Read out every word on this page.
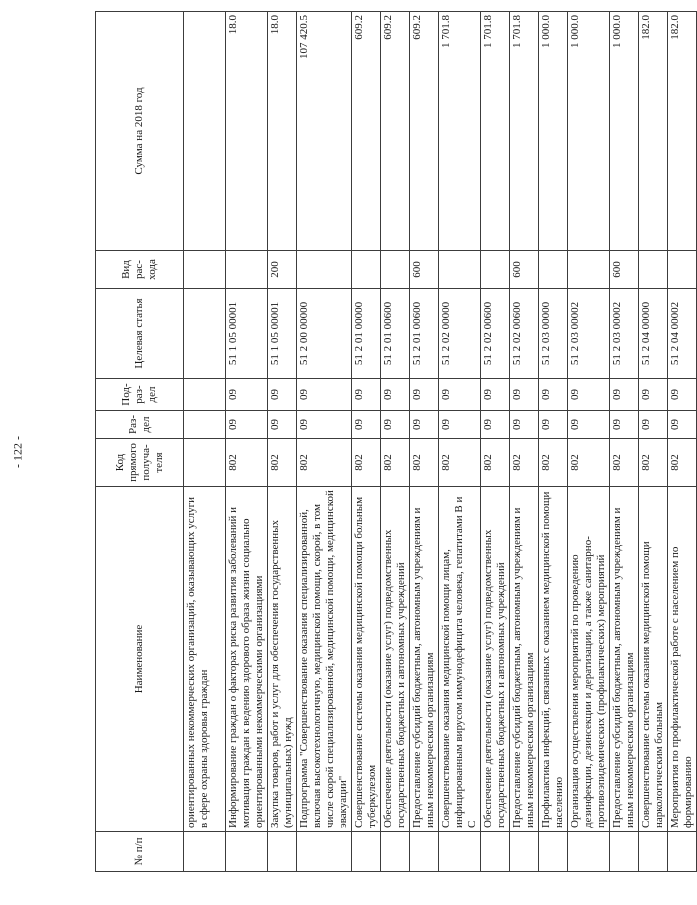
- 122 -
№ п/п	Наименование	Код прямого получа-теля	Раз-дел	Под-раз-дел	Целевая статья	Вид рас-хода	Сумма на 2018 год
	ориентированных некоммерческих организаций, оказывающих услуги в сфере охраны здоровья граждан						
	Информирование граждан о факторах риска развития заболеваний и мотивация граждан к ведению здорового образа жизни социально ориентированными некоммерческими организациями	802	09	09	51 1 05 00001		18.0
	Закупка товаров, работ и услуг для обеспечения государственных (муниципальных) нужд	802	09	09	51 1 05 00001	200	18.0
	Подпрограмма "Совершенствование оказания специализированной, включая высокотехнологичную, медицинской помощи, скорой, в том числе скорой специализированной, медицинской помощи, медицинской эвакуации"	802	09	09	51 2 00 00000		107 420.5
	Совершенствование системы оказания медицинской помощи больным туберкулезом	802	09	09	51 2 01 00000		609.2
	Обеспечение деятельности (оказание услуг) подведомственных государственных бюджетных и автономных учреждений	802	09	09	51 2 01 00600		609.2
	Предоставление субсидий бюджетным, автономным учреждениям и иным некоммерческим организациям	802	09	09	51 2 01 00600	600	609.2
	Совершенствование оказания медицинской помощи лицам, инфицированным вирусом иммунодефицита человека, гепатитами В и С	802	09	09	51 2 02 00000		1 701.8
	Обеспечение деятельности (оказание услуг) подведомственных государственных бюджетных и автономных учреждений	802	09	09	51 2 02 00600		1 701.8
	Предоставление субсидий бюджетным, автономным учреждениям и иным некоммерческим организациям	802	09	09	51 2 02 00600	600	1 701.8
	Профилактика инфекций, связанных с оказанием медицинской помощи населению	802	09	09	51 2 03 00000		1 000.0
	Организация осуществления мероприятий по проведению дезинфекции, дезинсекции и дератизации, а также санитарно-противоэпидемических (профилактических) мероприятий	802	09	09	51 2 03 00002		1 000.0
	Предоставление субсидий бюджетным, автономным учреждениям и иным некоммерческим организациям	802	09	09	51 2 03 00002	600	1 000.0
	Совершенствование системы оказания медицинской помощи наркологическим больным	802	09	09	51 2 04 00000		182.0
	Мероприятия по профилактической работе с населением по формированию	802	09	09	51 2 04 00002		182.0
